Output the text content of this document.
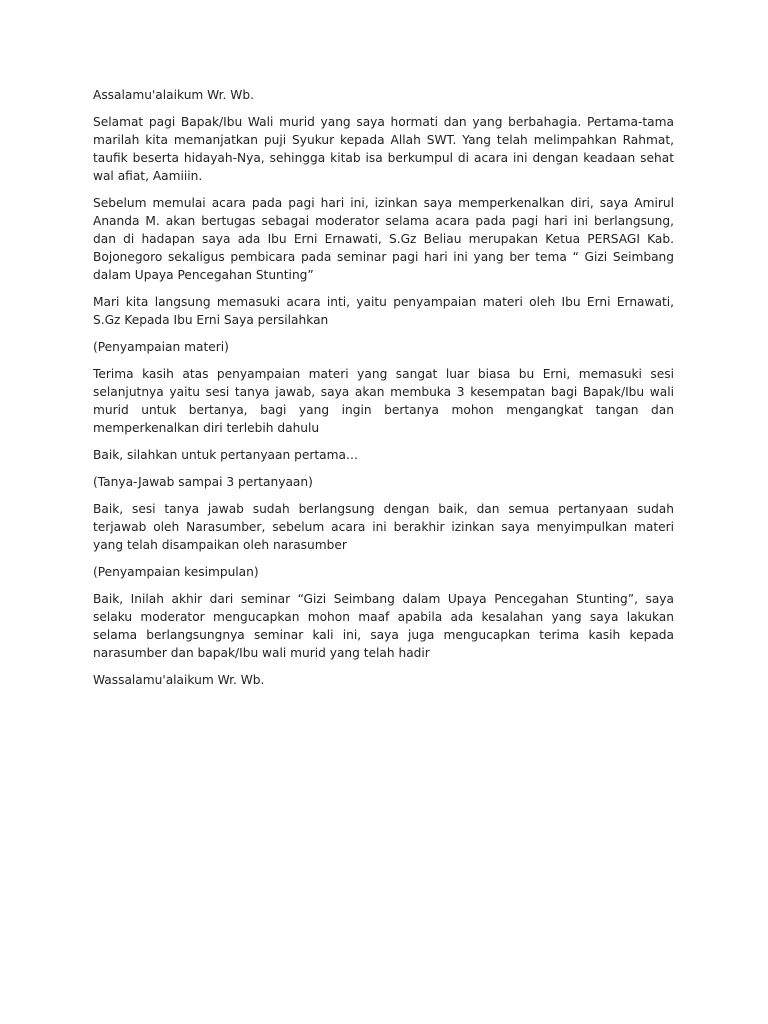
Assalamu'alaikum Wr. Wb.

Selamat pagi Bapak/Ibu Wali murid yang saya hormati dan yang berbahagia. Pertama-tama marilah kita memanjatkan puji Syukur kepada Allah SWT. Yang telah melimpahkan Rahmat, taufik beserta hidayah-Nya, sehingga kitab isa berkumpul di acara ini dengan keadaan sehat wal afiat, Aamiiin.

Sebelum memulai acara pada pagi hari ini, izinkan saya memperkenalkan diri, saya Amirul Ananda M. akan bertugas sebagai moderator selama acara pada pagi hari ini berlangsung, dan di hadapan saya ada Ibu Erni Ernawati, S.Gz Beliau merupakan Ketua PERSAGI Kab. Bojonegoro sekaligus pembicara pada seminar pagi hari ini yang ber tema “ Gizi Seimbang dalam Upaya Pencegahan Stunting”

Mari kita langsung memasuki acara inti, yaitu penyampaian materi oleh Ibu Erni Ernawati, S.Gz Kepada Ibu Erni Saya persilahkan

(Penyampaian materi)

Terima kasih atas penyampaian materi yang sangat luar biasa bu Erni, memasuki sesi selanjutnya yaitu sesi tanya jawab, saya akan membuka 3 kesempatan bagi Bapak/Ibu wali murid untuk bertanya, bagi yang ingin bertanya mohon mengangkat tangan dan memperkenalkan diri terlebih dahulu

Baik, silahkan untuk pertanyaan pertama…

(Tanya-Jawab sampai 3 pertanyaan)

Baik, sesi tanya jawab sudah berlangsung dengan baik, dan semua pertanyaan sudah terjawab oleh Narasumber, sebelum acara ini berakhir izinkan saya menyimpulkan materi yang telah disampaikan oleh narasumber

(Penyampaian kesimpulan)

Baik, Inilah akhir dari seminar “Gizi Seimbang dalam Upaya Pencegahan Stunting”, saya selaku moderator mengucapkan mohon maaf apabila ada kesalahan yang saya lakukan selama berlangsungnya seminar kali ini, saya juga mengucapkan terima kasih kepada narasumber dan bapak/Ibu wali murid yang telah hadir

Wassalamu'alaikum Wr. Wb.
